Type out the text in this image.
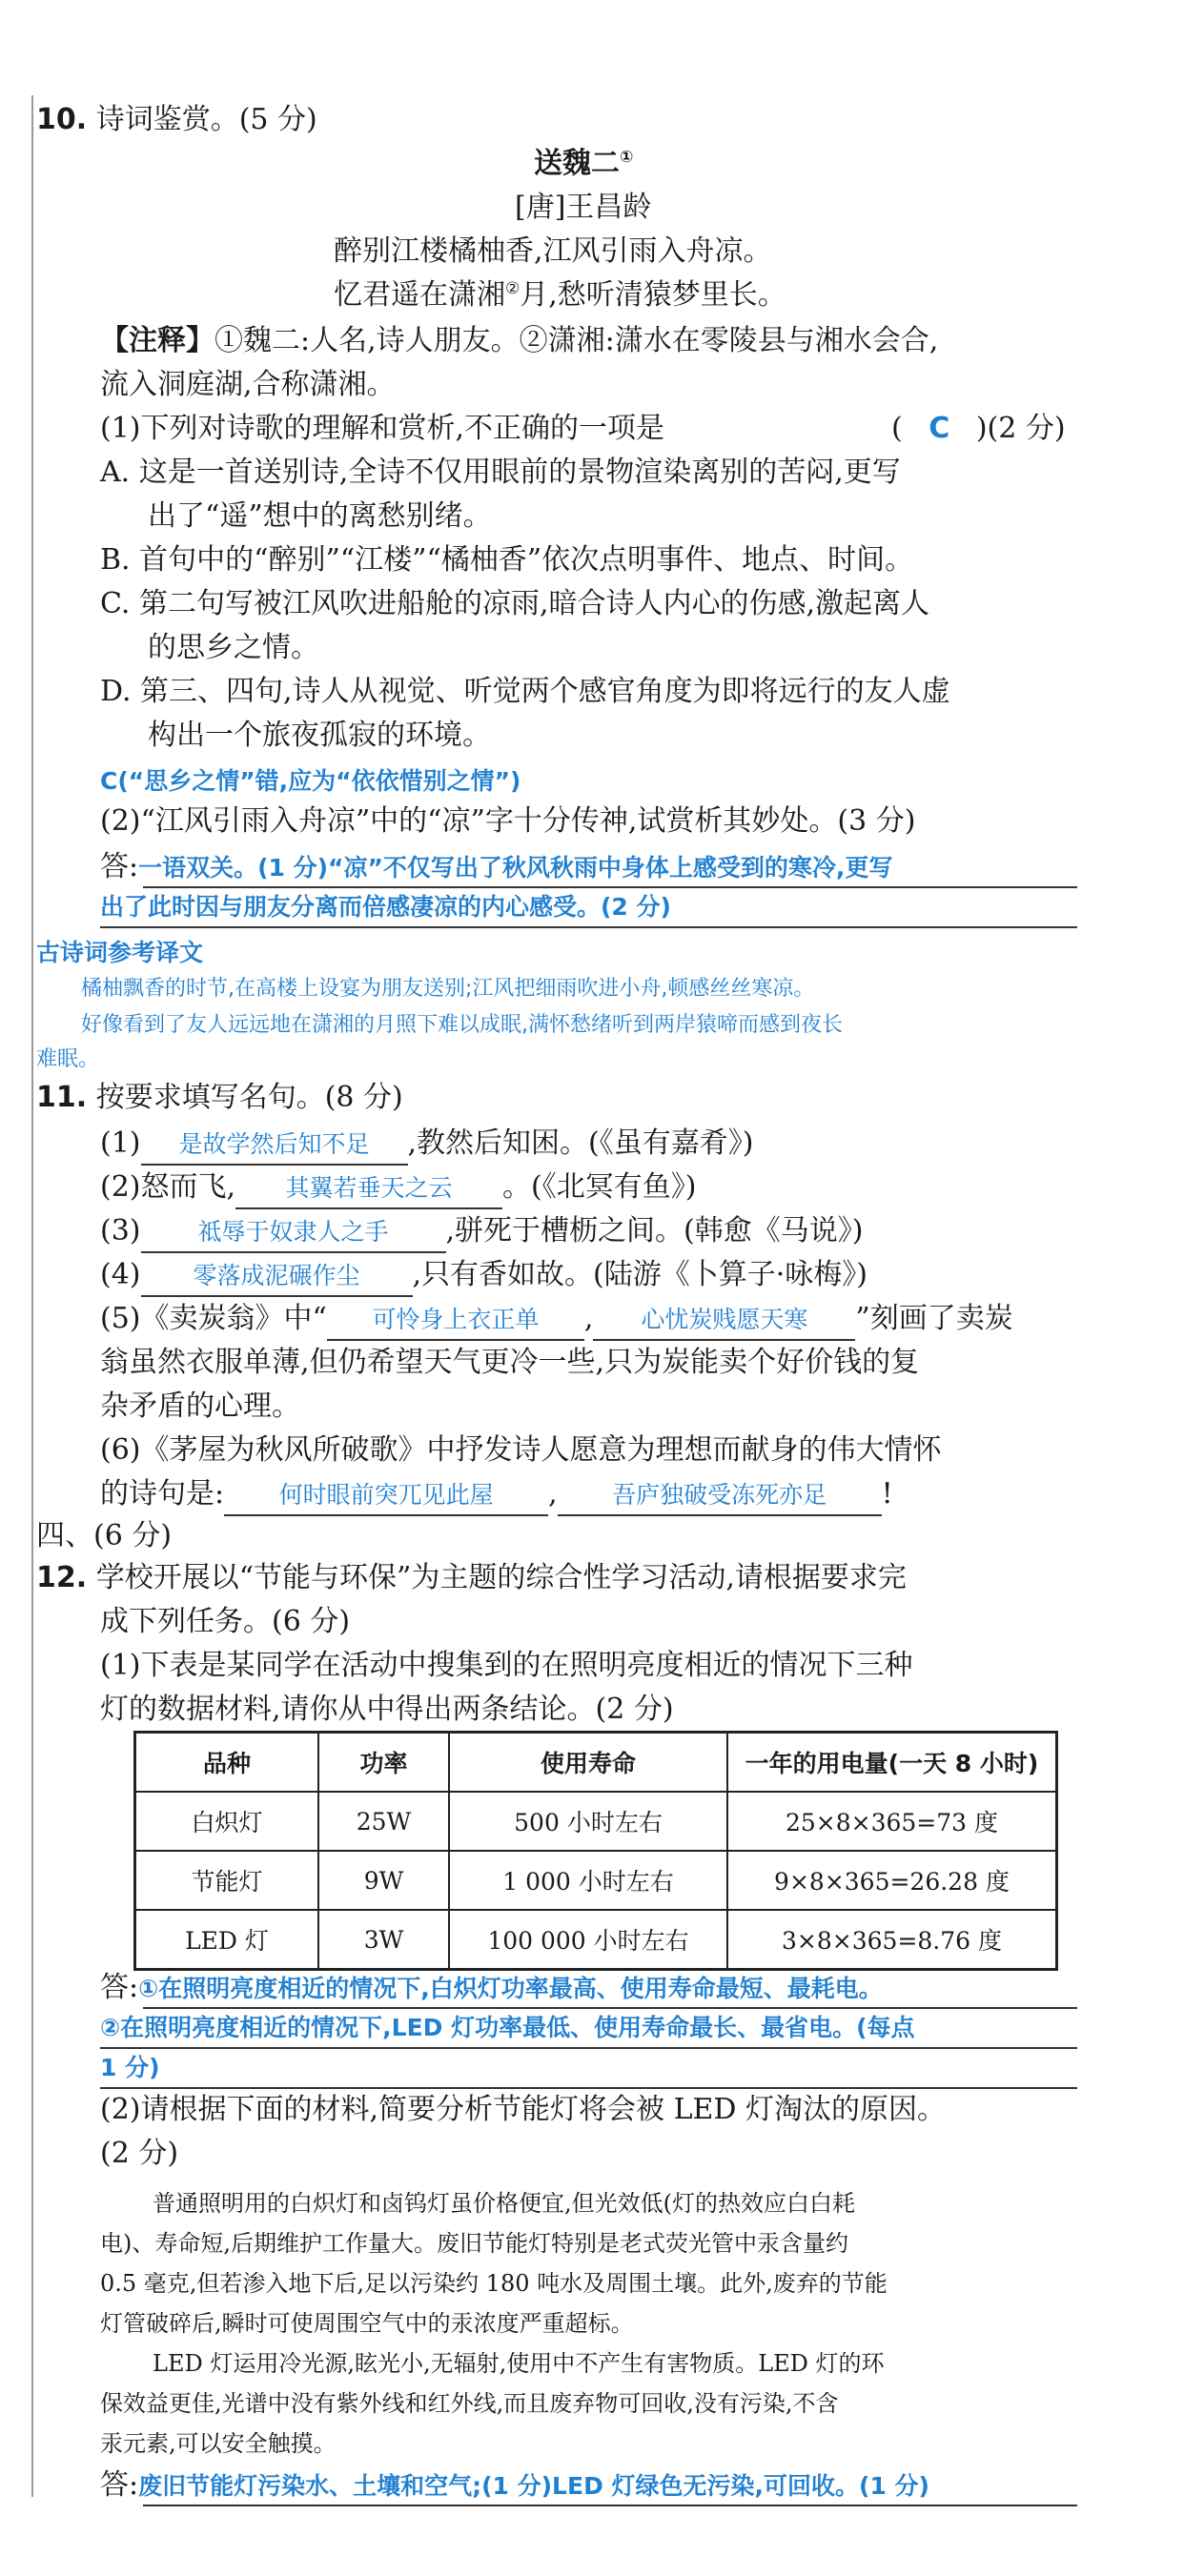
10. 诗词鉴赏。(5 分)
送魏二①
[唐]王昌龄
醉别江楼橘柚香,江风引雨入舟凉。
忆君遥在潇湘②月,愁听清猿梦里长。
【注释】①魏二:人名,诗人朋友。②潇湘:潇水在零陵县与湘水会合,
流入洞庭湖,合称潇湘。
(1)下列对诗歌的理解和赏析,不正确的一项是	( C )(2 分)
A. 这是一首送别诗,全诗不仅用眼前的景物渲染离别的苦闷,更写
出了“遥”想中的离愁别绪。
B. 首句中的“醉别”“江楼”“橘柚香”依次点明事件、地点、时间。
C. 第二句写被江风吹进船舱的凉雨,暗合诗人内心的伤感,激起离人
的思乡之情。
D. 第三、四句,诗人从视觉、听觉两个感官角度为即将远行的友人虚
构出一个旅夜孤寂的环境。
C(“思乡之情”错,应为“依依惜别之情”)
(2)“江风引雨入舟凉”中的“凉”字十分传神,试赏析其妙处。(3 分)
答:一语双关。(1 分)“凉”不仅写出了秋风秋雨中身体上感受到的寒冷,更写
出了此时因与朋友分离而倍感凄凉的内心感受。(2 分)
古诗词参考译文
橘柚飘香的时节,在高楼上设宴为朋友送别;江风把细雨吹进小舟,顿感丝丝寒凉。
好像看到了友人远远地在潇湘的月照下难以成眠,满怀愁绪听到两岸猿啼而感到夜长
难眠。
11. 按要求填写名句。(8 分)
(1) 是故学然后知不足 ,教然后知困。(《虽有嘉肴》)
(2)怒而飞, 其翼若垂天之云 。(《北冥有鱼》)
(3) 祗辱于奴隶人之手 ,骈死于槽枥之间。(韩愈《马说》)
(4) 零落成泥碾作尘 ,只有香如故。(陆游《卜算子·咏梅》)
(5)《卖炭翁》中“ 可怜身上衣正单 , 心忧炭贱愿天寒 ”刻画了卖炭
翁虽然衣服单薄,但仍希望天气更冷一些,只为炭能卖个好价钱的复
杂矛盾的心理。
(6)《茅屋为秋风所破歌》中抒发诗人愿意为理想而献身的伟大情怀
的诗句是: 何时眼前突兀见此屋 , 吾庐独破受冻死亦足 !
四、(6 分)
12. 学校开展以“节能与环保”为主题的综合性学习活动,请根据要求完
成下列任务。(6 分)
(1)下表是某同学在活动中搜集到的在照明亮度相近的情况下三种
灯的数据材料,请你从中得出两条结论。(2 分)
品种	功率	使用寿命	一年的用电量(一天 8 小时)
白炽灯	25W	500 小时左右	25×8×365=73 度
节能灯	9W	1 000 小时左右	9×8×365=26.28 度
LED 灯	3W	100 000 小时左右	3×8×365=8.76 度
答:①在照明亮度相近的情况下,白炽灯功率最高、使用寿命最短、最耗电。
②在照明亮度相近的情况下,LED 灯功率最低、使用寿命最长、最省电。(每点
1 分)
(2)请根据下面的材料,简要分析节能灯将会被 LED 灯淘汰的原因。
(2 分)
普通照明用的白炽灯和卤钨灯虽价格便宜,但光效低(灯的热效应白白耗
电)、寿命短,后期维护工作量大。废旧节能灯特别是老式荧光管中汞含量约
0.5 毫克,但若渗入地下后,足以污染约 180 吨水及周围土壤。此外,废弃的节能
灯管破碎后,瞬时可使周围空气中的汞浓度严重超标。
LED 灯运用冷光源,眩光小,无辐射,使用中不产生有害物质。LED 灯的环
保效益更佳,光谱中没有紫外线和红外线,而且废弃物可回收,没有污染,不含
汞元素,可以安全触摸。
答:废旧节能灯污染水、土壤和空气;(1 分)LED 灯绿色无污染,可回收。(1 分)
